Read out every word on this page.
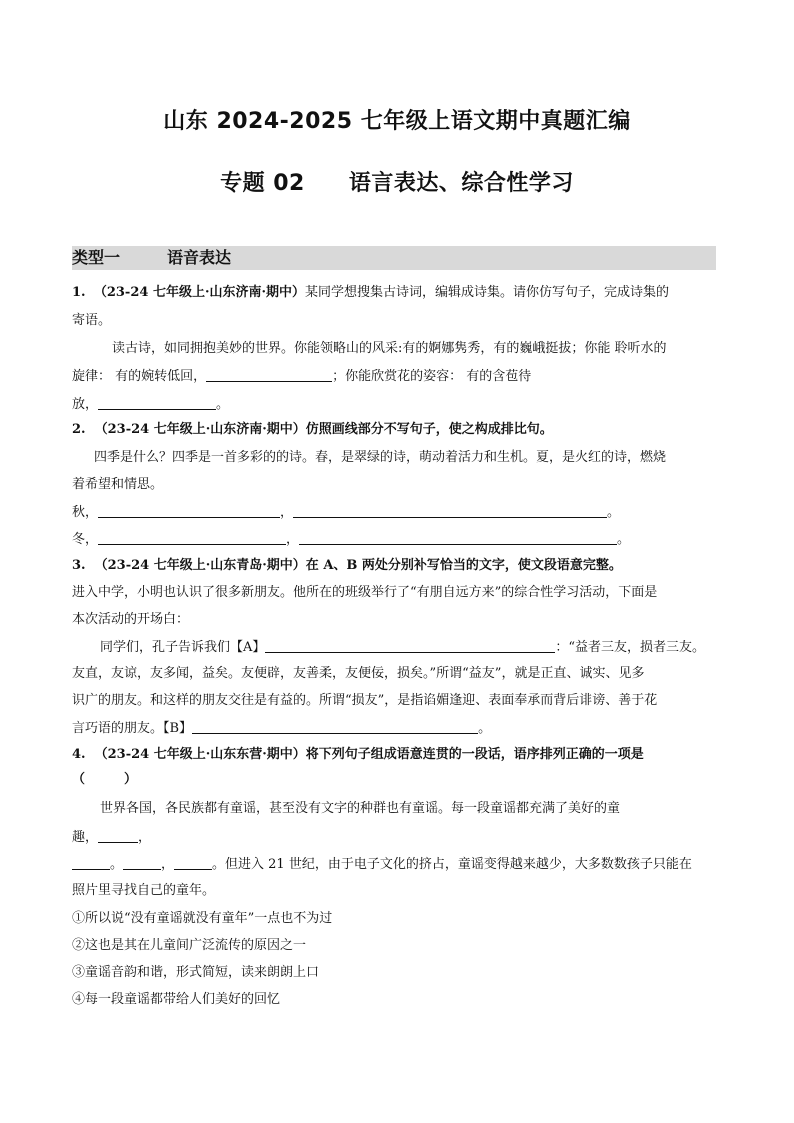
山东 2024-2025 七年级上语文期中真题汇编
专题 02 语言表达、综合性学习
类型一	语音表达
1. （23-24 七年级上·山东济南·期中）某同学想搜集古诗词，编辑成诗集。请你仿写句子，完成诗集的
寄语。
读古诗，如同拥抱美妙的世界。你能领略山的风采:有的婀娜隽秀，有的巍峨挺拔；你能 聆听水的
旋律： 有的婉转低回，	；你能欣赏花的姿容： 有的含苞待
放，	。
2. （23-24 七年级上·山东济南·期中）仿照画线部分不写句子，使之构成排比句。
四季是什么？四季是一首多彩的的诗。春，是翠绿的诗，萌动着活力和生机。夏，是火红的诗，燃烧
着希望和情思。
秋，	，	。
冬，	，	。
3. （23-24 七年级上·山东青岛·期中）在 A、B 两处分别补写恰当的文字，使文段语意完整。
进入中学，小明也认识了很多新朋友。他所在的班级举行了“有朋自远方来”的综合性学习活动，下面是
本次活动的开场白：
同学们，孔子告诉我们【A】	：“益者三友，损者三友。
友直，友谅，友多闻，益矣。友便辟，友善柔，友便佞，损矣。”所谓“益友”，就是正直、诚实、见多
识广的朋友。和这样的朋友交往是有益的。所谓“损友”，是指谄媚逢迎、表面奉承而背后诽谤、善于花
言巧语的朋友。【B】	。
4. （23-24 七年级上·山东东营·期中）将下列句子组成语意连贯的一段话，语序排列正确的一项是
（　　　）
世界各国，各民族都有童谣，甚至没有文字的种群也有童谣。每一段童谣都充满了美好的童
趣，	，
。	，	。但进入 21 世纪，由于电子文化的挤占，童谣变得越来越少，大多数数孩子只能在
照片里寻找自己的童年。
①所以说“没有童谣就没有童年”一点也不为过
②这也是其在儿童间广泛流传的原因之一
③童谣音韵和谐，形式简短，读来朗朗上口
④每一段童谣都带给人们美好的回忆
